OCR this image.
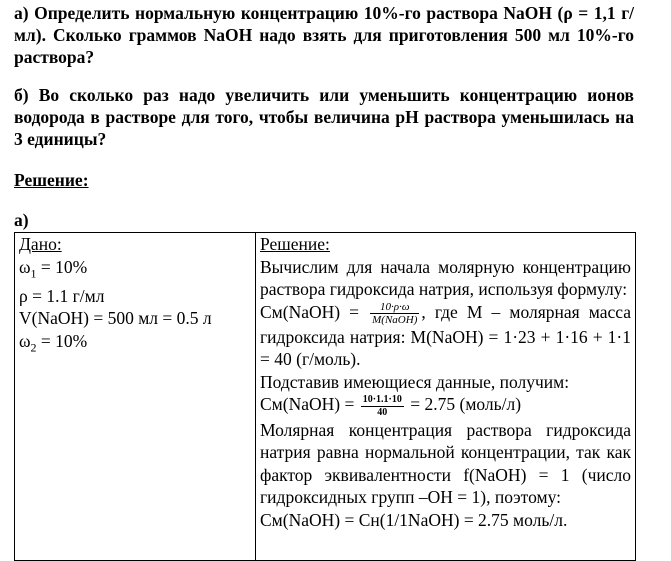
а) Определить нормальную концентрацию 10%-го раствора NaOH (ρ = 1,1 г/мл). Сколько граммов NaOH надо взять для приготовления 500 мл 10%-го раствора?
б) Во сколько раз надо увеличить или уменьшить концентрацию ионов водорода в растворе для того, чтобы величина pH раствора уменьшилась на 3 единицы?
Решение:
а)
Дано:
$\omega_1 = 10\%$
ρ = 1.1 г/мл
V(NaOH) = 500 мл = 0.5 л
$\omega_2 = 10\%$

Решение:
Вычислим для начала молярную концентрацию раствора гидроксида натрия, используя формулу:
Cм(NaOH) = $\frac{10\cdot\rho\cdot\omega}{\text{M(NaOH)}}$ , где М – молярная масса гидроксида натрия: M(NaOH) = 1·23 + 1·16 + 1·1 = 40 (г/моль).
Подставив имеющиеся данные, получим:
Cм(NaOH) = $\frac{10\cdot 1.1\cdot 10}{40} = 2.75$ (моль/л)
Молярная концентрация раствора гидроксида натрия равна нормальной концентрации, так как фактор эквивалентности f(NaOH) = 1 (число гидроксидных групп –OH = 1), поэтому:
Cм(NaOH) = Cн(1/1NaOH) = 2.75 моль/л.
